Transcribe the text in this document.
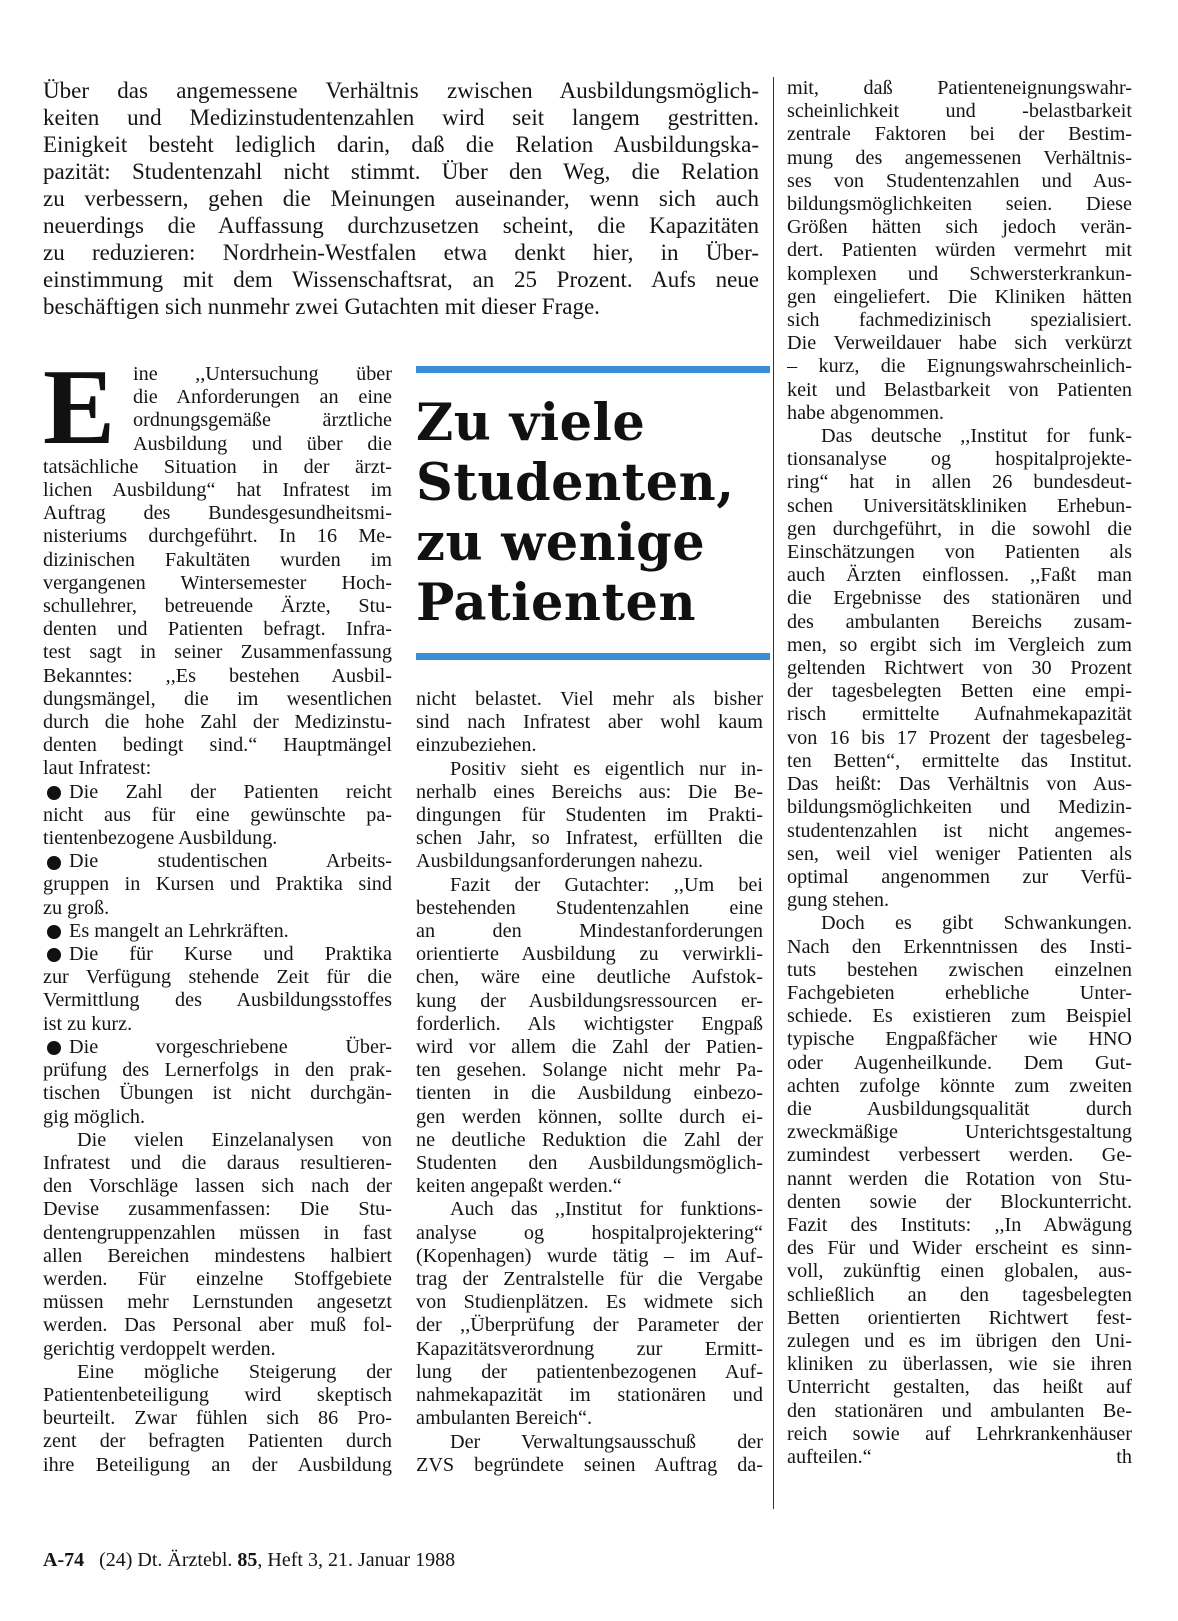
Über das angemessene Verhältnis zwischen Ausbildungsmöglich-
keiten und Medizinstudentenzahlen wird seit langem gestritten.
Einigkeit besteht lediglich darin, daß die Relation Ausbildungska-
pazität: Studentenzahl nicht stimmt. Über den Weg, die Relation
zu verbessern, gehen die Meinungen auseinander, wenn sich auch
neuerdings die Auffassung durchzusetzen scheint, die Kapazitäten
zu reduzieren: Nordrhein-Westfalen etwa denkt hier, in Über-
einstimmung mit dem Wissenschaftsrat, an 25 Prozent. Aufs neue
beschäftigen sich nunmehr zwei Gutachten mit dieser Frage.
E ine ,,Untersuchung über
die Anforderungen an eine
ordnungsgemäße ärztliche
Ausbildung und über die
tatsächliche Situation in der ärzt-
lichen Ausbildung“ hat Infratest im
Auftrag des Bundesgesundheitsmi-
nisteriums durchgeführt. In 16 Me-
dizinischen Fakultäten wurden im
vergangenen Wintersemester Hoch-
schullehrer, betreuende Ärzte, Stu-
denten und Patienten befragt. Infra-
test sagt in seiner Zusammenfassung
Bekanntes: ,,Es bestehen Ausbil-
dungsmängel, die im wesentlichen
durch die hohe Zahl der Medizinstu-
denten bedingt sind.“ Hauptmängel
laut Infratest:
Die Zahl der Patienten reicht
nicht aus für eine gewünschte pa-
tientenbezogene Ausbildung.
Die studentischen Arbeits-
gruppen in Kursen und Praktika sind
zu groß.
Es mangelt an Lehrkräften.
Die für Kurse und Praktika
zur Verfügung stehende Zeit für die
Vermittlung des Ausbildungsstoffes
ist zu kurz.
Die vorgeschriebene Über-
prüfung des Lernerfolgs in den prak-
tischen Übungen ist nicht durchgän-
gig möglich.
Die vielen Einzelanalysen von
Infratest und die daraus resultieren-
den Vorschläge lassen sich nach der
Devise zusammenfassen: Die Stu-
dentengruppenzahlen müssen in fast
allen Bereichen mindestens halbiert
werden. Für einzelne Stoffgebiete
müssen mehr Lernstunden angesetzt
werden. Das Personal aber muß fol-
gerichtig verdoppelt werden.
Eine mögliche Steigerung der
Patientenbeteiligung wird skeptisch
beurteilt. Zwar fühlen sich 86 Pro-
zent der befragten Patienten durch
ihre Beteiligung an der Ausbildung
Zu viele
Studenten,
zu wenige
Patienten
nicht belastet. Viel mehr als bisher
sind nach Infratest aber wohl kaum
einzubeziehen.
Positiv sieht es eigentlich nur in-
nerhalb eines Bereichs aus: Die Be-
dingungen für Studenten im Prakti-
schen Jahr, so Infratest, erfüllten die
Ausbildungsanforderungen nahezu.
Fazit der Gutachter: ,,Um bei
bestehenden Studentenzahlen eine
an den Mindestanforderungen
orientierte Ausbildung zu verwirkli-
chen, wäre eine deutliche Aufstok-
kung der Ausbildungsressourcen er-
forderlich. Als wichtigster Engpaß
wird vor allem die Zahl der Patien-
ten gesehen. Solange nicht mehr Pa-
tienten in die Ausbildung einbezo-
gen werden können, sollte durch ei-
ne deutliche Reduktion die Zahl der
Studenten den Ausbildungsmöglich-
keiten angepaßt werden.“
Auch das ,,Institut for funktions-
analyse og hospitalprojektering“
(Kopenhagen) wurde tätig – im Auf-
trag der Zentralstelle für die Vergabe
von Studienplätzen. Es widmete sich
der ,,Überprüfung der Parameter der
Kapazitätsverordnung zur Ermitt-
lung der patientenbezogenen Auf-
nahmekapazität im stationären und
ambulanten Bereich“.
Der Verwaltungsausschuß der
ZVS begründete seinen Auftrag da-
mit, daß Patienteneignungswahr-
scheinlichkeit und -belastbarkeit
zentrale Faktoren bei der Bestim-
mung des angemessenen Verhältnis-
ses von Studentenzahlen und Aus-
bildungsmöglichkeiten seien. Diese
Größen hätten sich jedoch verän-
dert. Patienten würden vermehrt mit
komplexen und Schwersterkrankun-
gen eingeliefert. Die Kliniken hätten
sich fachmedizinisch spezialisiert.
Die Verweildauer habe sich verkürzt
– kurz, die Eignungswahrscheinlich-
keit und Belastbarkeit von Patienten
habe abgenommen.
Das deutsche ,,Institut for funk-
tionsanalyse og hospitalprojekte-
ring“ hat in allen 26 bundesdeut-
schen Universitätskliniken Erhebun-
gen durchgeführt, in die sowohl die
Einschätzungen von Patienten als
auch Ärzten einflossen. ,,Faßt man
die Ergebnisse des stationären und
des ambulanten Bereichs zusam-
men, so ergibt sich im Vergleich zum
geltenden Richtwert von 30 Prozent
der tagesbelegten Betten eine empi-
risch ermittelte Aufnahmekapazität
von 16 bis 17 Prozent der tagesbeleg-
ten Betten“, ermittelte das Institut.
Das heißt: Das Verhältnis von Aus-
bildungsmöglichkeiten und Medizin-
studentenzahlen ist nicht angemes-
sen, weil viel weniger Patienten als
optimal angenommen zur Verfü-
gung stehen.
Doch es gibt Schwankungen.
Nach den Erkenntnissen des Insti-
tuts bestehen zwischen einzelnen
Fachgebieten erhebliche Unter-
schiede. Es existieren zum Beispiel
typische Engpaßfächer wie HNO
oder Augenheilkunde. Dem Gut-
achten zufolge könnte zum zweiten
die Ausbildungsqualität durch
zweckmäßige Unterichtsgestaltung
zumindest verbessert werden. Ge-
nannt werden die Rotation von Stu-
denten sowie der Blockunterricht.
Fazit des Instituts: ,,In Abwägung
des Für und Wider erscheint es sinn-
voll, zukünftig einen globalen, aus-
schließlich an den tagesbelegten
Betten orientierten Richtwert fest-
zulegen und es im übrigen den Uni-
kliniken zu überlassen, wie sie ihren
Unterricht gestalten, das heißt auf
den stationären und ambulanten Be-
reich sowie auf Lehrkrankenhäuser
aufteilen.“	th
A-74 (24) Dt. Ärztebl. 85, Heft 3, 21. Januar 1988
